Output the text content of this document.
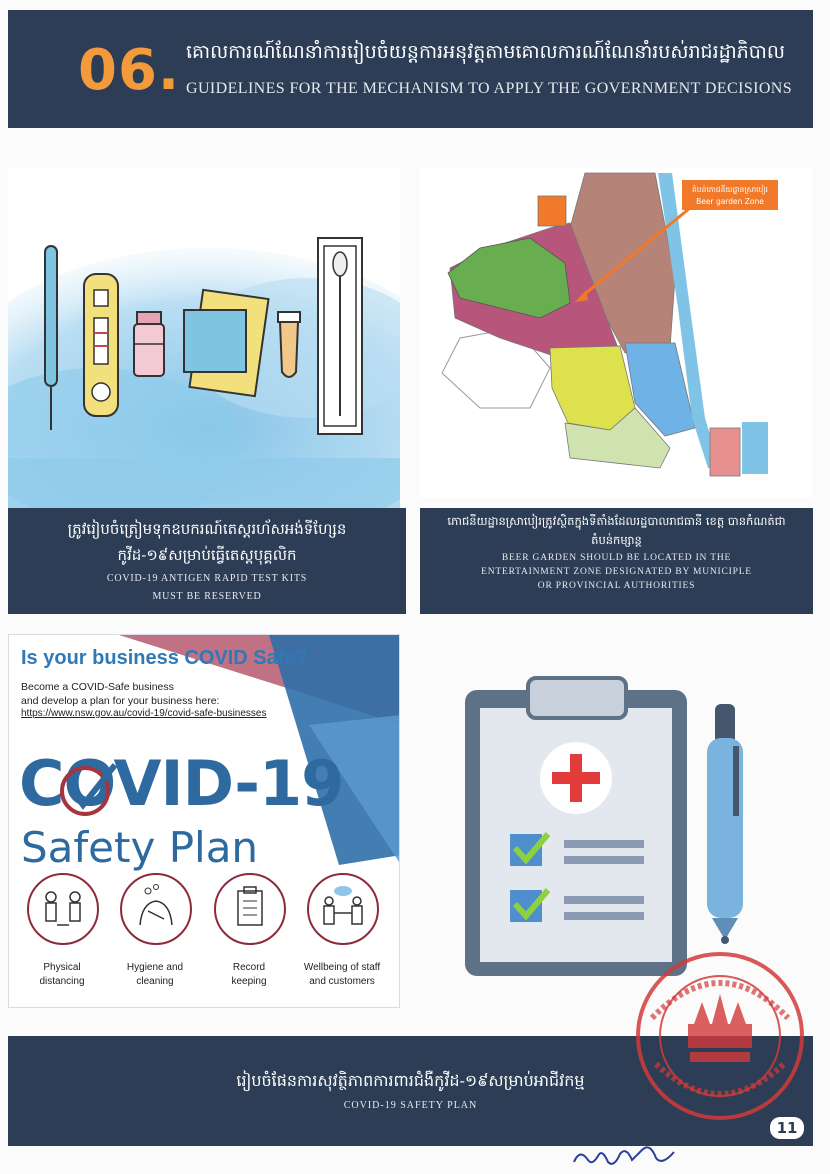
06. គោលការណ៍ណែនាំការរៀបចំយន្តការអនុវត្តតាមគោលការណ៍ណែនាំរបស់រាជរដ្ឋាភិបាល
GUIDELINES FOR THE MECHANISM TO APPLY THE GOVERNMENT DECISIONS
តំបន់ភោជនីយដ្ឋានស្រាបៀរ
Beer garden Zone
ត្រូវរៀបចំត្រៀមទុកឧបករណ៍តេស្តរហ័សអង់ទីហ្សែន កូវីដ-១៩សម្រាប់ធ្វើតេស្តបុគ្គលិក
COVID-19 ANTIGEN RAPID TEST KITS
MUST BE RESERVED
ភោជនីយដ្ឋានស្រាបៀរត្រូវស្ថិតក្នុងទីតាំងដែលរដ្ឋបាលរាជធានី ខេត្ត បានកំណត់ជាតំបន់កម្សាន្ត
BEER GARDEN SHOULD BE LOCATED IN THE
ENTERTAINMENT ZONE DESIGNATED BY MUNICIPLE
OR PROVINCIAL AUTHORITIES
Is your business COVID Safe?
Become a COVID-Safe business
and develop a plan for your business here:
https://www.nsw.gov.au/covid-19/covid-safe-businesses
COVID-19
Safety Plan
Physical
distancing
Hygiene and
cleaning
Record
keeping
Wellbeing of staff
and customers
រៀបចំផែនការសុវត្ថិភាពការពារជំងឺកូវីដ-១៩សម្រាប់អាជីវកម្ម
COVID-19 SAFETY PLAN
11
